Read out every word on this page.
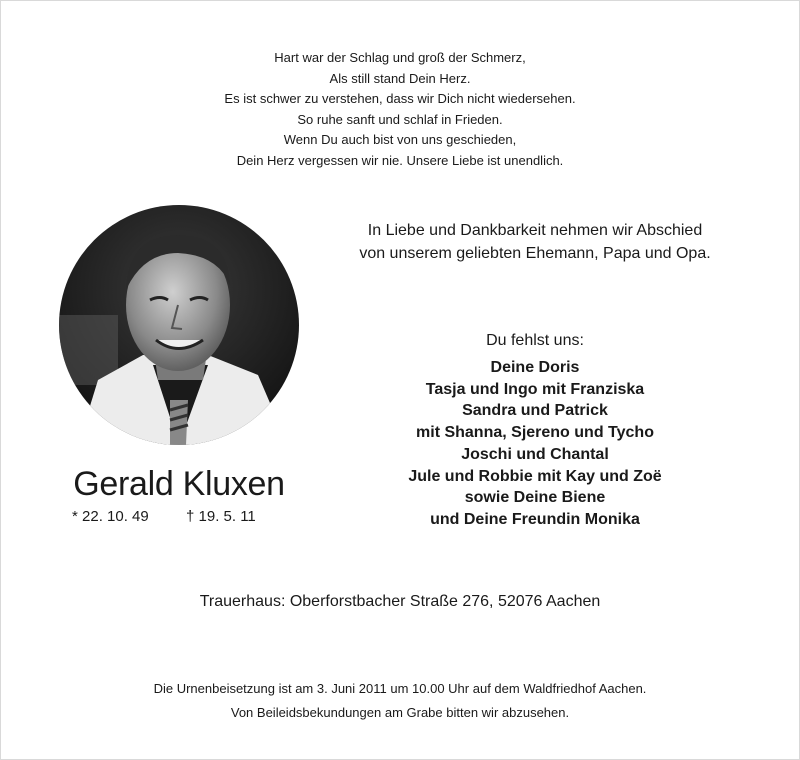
Hart war der Schlag und groß der Schmerz,
Als still stand Dein Herz.
Es ist schwer zu verstehen, dass wir Dich nicht wiedersehen.
So ruhe sanft und schlaf in Frieden.
Wenn Du auch bist von uns geschieden,
Dein Herz vergessen wir nie. Unsere Liebe ist unendlich.
Gerald Kluxen
* 22. 10. 49 † 19. 5. 11
In Liebe und Dankbarkeit nehmen wir Abschied
von unserem geliebten Ehemann, Papa und Opa.
Du fehlst uns:
Deine Doris
Tasja und Ingo mit Franziska
Sandra und Patrick
mit Shanna, Sjereno und Tycho
Joschi und Chantal
Jule und Robbie mit Kay und Zoë
sowie Deine Biene
und Deine Freundin Monika
Trauerhaus: Oberforstbacher Straße 276, 52076 Aachen
Die Urnenbeisetzung ist am 3. Juni 2011 um 10.00 Uhr auf dem Waldfriedhof Aachen.
Von Beileidsbekundungen am Grabe bitten wir abzusehen.
